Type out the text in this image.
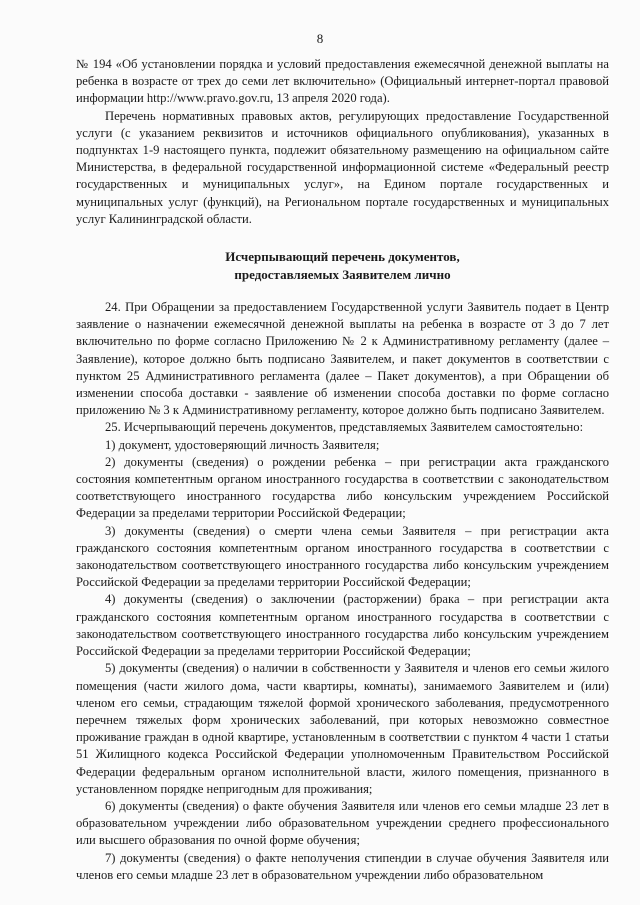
8

№ 194 «Об установлении порядка и условий предоставления ежемесячной денежной выплаты на ребенка в возрасте от трех до семи лет включительно» (Официальный интернет-портал правовой информации http://www.pravo.gov.ru, 13 апреля 2020 года).

Перечень нормативных правовых актов, регулирующих предоставление Государственной услуги (с указанием реквизитов и источников официального опубликования), указанных в подпунктах 1-9 настоящего пункта, подлежит обязательному размещению на официальном сайте Министерства, в федеральной государственной информационной системе «Федеральный реестр государственных и муниципальных услуг», на Едином портале государственных и муниципальных услуг (функций), на Региональном портале государственных и муниципальных услуг Калининградской области.

Исчерпывающий перечень документов,
предоставляемых Заявителем лично

24. При Обращении за предоставлением Государственной услуги Заявитель подает в Центр заявление о назначении ежемесячной денежной выплаты на ребенка в возрасте от 3 до 7 лет включительно по форме согласно Приложению № 2 к Административному регламенту (далее – Заявление), которое должно быть подписано Заявителем, и пакет документов в соответствии с пунктом 25 Административного регламента (далее – Пакет документов), а при Обращении об изменении способа доставки - заявление об изменении способа доставки по форме согласно приложению № 3 к Административному регламенту, которое должно быть подписано Заявителем.

25. Исчерпывающий перечень документов, представляемых Заявителем самостоятельно:

1) документ, удостоверяющий личность Заявителя;

2) документы (сведения) о рождении ребенка – при регистрации акта гражданского состояния компетентным органом иностранного государства в соответствии с законодательством соответствующего иностранного государства либо консульским учреждением Российской Федерации за пределами территории Российской Федерации;

3) документы (сведения) о смерти члена семьи Заявителя – при регистрации акта гражданского состояния компетентным органом иностранного государства в соответствии с законодательством соответствующего иностранного государства либо консульским учреждением Российской Федерации за пределами территории Российской Федерации;

4) документы (сведения) о заключении (расторжении) брака – при регистрации акта гражданского состояния компетентным органом иностранного государства в соответствии с законодательством соответствующего иностранного государства либо консульским учреждением Российской Федерации за пределами территории Российской Федерации;

5) документы (сведения) о наличии в собственности у Заявителя и членов его семьи жилого помещения (части жилого дома, части квартиры, комнаты), занимаемого Заявителем и (или) членом его семьи, страдающим тяжелой формой хронического заболевания, предусмотренного перечнем тяжелых форм хронических заболеваний, при которых невозможно совместное проживание граждан в одной квартире, установленным в соответствии с пунктом 4 части 1 статьи 51 Жилищного кодекса Российской Федерации уполномоченным Правительством Российской Федерации федеральным органом исполнительной власти, жилого помещения, признанного в установленном порядке непригодным для проживания;

6) документы (сведения) о факте обучения Заявителя или членов его семьи младше 23 лет в образовательном учреждении либо образовательном учреждении среднего профессионального или высшего образования по очной форме обучения;

7) документы (сведения) о факте неполучения стипендии в случае обучения Заявителя или членов его семьи младше 23 лет в образовательном учреждении либо образовательном
